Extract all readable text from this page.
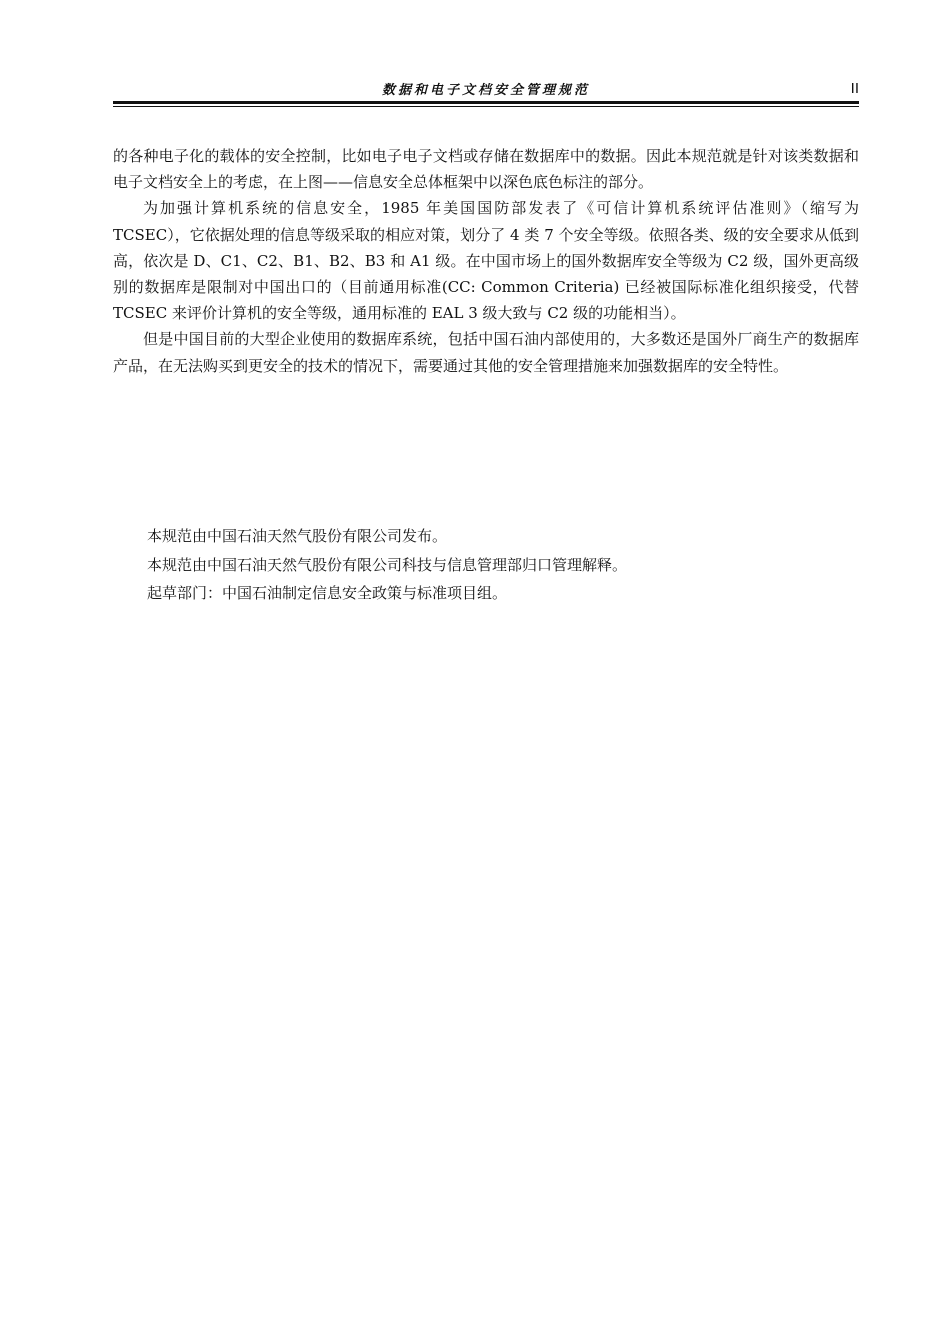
数据和电子文档安全管理规范	II

的各种电子化的载体的安全控制，比如电子电子文档或存储在数据库中的数据。因此本规范就是针对该类数据和电子文档安全上的考虑，在上图——信息安全总体框架中以深色底色标注的部分。

为加强计算机系统的信息安全，1985 年美国国防部发表了《可信计算机系统评估准则》（缩写为 TCSEC），它依据处理的信息等级采取的相应对策，划分了 4 类 7 个安全等级。依照各类、级的安全要求从低到高，依次是 D、C1、C2、B1、B2、B3 和 A1 级。在中国市场上的国外数据库安全等级为 C2 级，国外更高级别的数据库是限制对中国出口的（目前通用标准(CC: Common Criteria) 已经被国际标准化组织接受，代替 TCSEC 来评价计算机的安全等级，通用标准的 EAL 3 级大致与 C2 级的功能相当）。

但是中国目前的大型企业使用的数据库系统，包括中国石油内部使用的，大多数还是国外厂商生产的数据库产品，在无法购买到更安全的技术的情况下，需要通过其他的安全管理措施来加强数据库的安全特性。

本规范由中国石油天然气股份有限公司发布。

本规范由中国石油天然气股份有限公司科技与信息管理部归口管理解释。

起草部门：中国石油制定信息安全政策与标准项目组。
